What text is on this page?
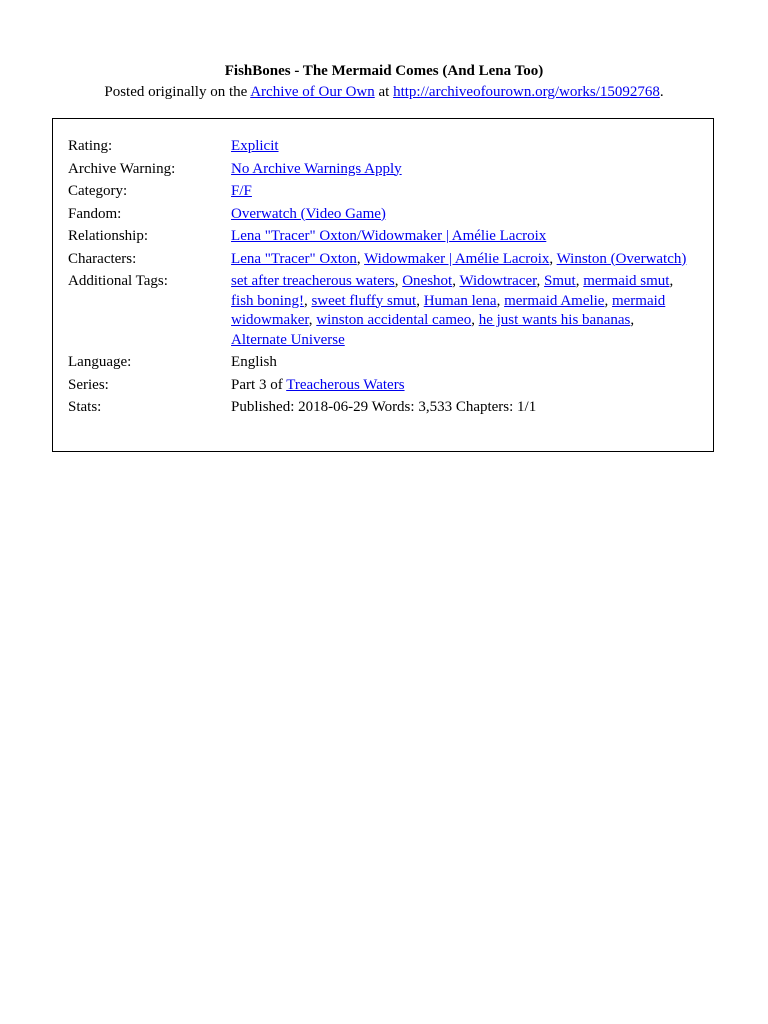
FishBones - The Mermaid Comes (And Lena Too)

Posted originally on the Archive of Our Own at http://archiveofourown.org/works/15092768.

Rating:	Explicit
Archive Warning:	No Archive Warnings Apply
Category:	F/F
Fandom:	Overwatch (Video Game)
Relationship:	Lena "Tracer" Oxton/Widowmaker | Amélie Lacroix
Characters:	Lena "Tracer" Oxton, Widowmaker | Amélie Lacroix, Winston (Overwatch)
Additional Tags:	set after treacherous waters, Oneshot, Widowtracer, Smut, mermaid smut, fish boning!, sweet fluffy smut, Human lena, mermaid Amelie, mermaid widowmaker, winston accidental cameo, he just wants his bananas, Alternate Universe
Language:	English
Series:	Part 3 of Treacherous Waters
Stats:	Published: 2018-06-29 Words: 3,533 Chapters: 1/1
